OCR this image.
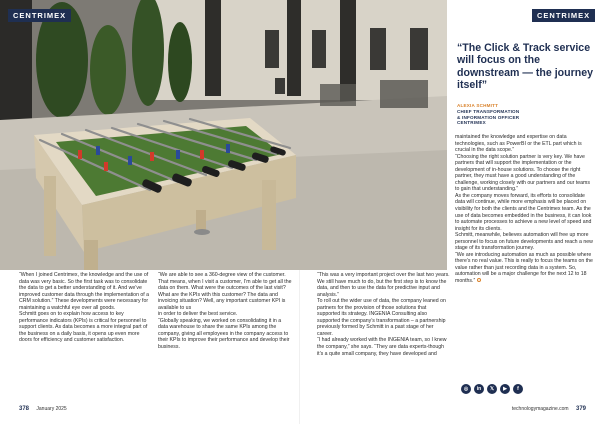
CENTRIMEX	CENTRIMEX
“The Click & Track service will focus on the downstream — the journey itself”
ALEXIA SCHMITT
CHIEF TRANSFORMATION
& INFORMATION OFFICER
CENTRIMEX

“When I joined Centrimex, the knowledge and the use of data was very basic. So the first task was to consolidate the data to get a better understanding of it. And we’ve improved customer data through the implementation of a CRM solution.” These developments were necessary for maintaining a watchful eye over all goods.

Schmitt goes on to explain how access to key performance indicators (KPIs) is critical for personnel to support clients. As data becomes a more integral part of the business on a daily basis, it opens up even more doors for efficiency and customer satisfaction.

“We are able to see a 360-degree view of the customer. That means, when I visit a customer, I’m able to get all the data on them. What were the outcomes of the last visit? What are the KPIs with this customer? The data and invoicing situation? Well, any important customer KPI is available to us

in order to deliver the best service.

“Globally speaking, we worked on consolidating it in a data warehouse to share the same KPIs among the company, giving all employees in the company access to their KPIs to improve their performance and develop their business.

“This was a very important project over the last two years. We still have much to do, but the first step is to know the data, and then to use the data for predictive input and analysis.”

To roll out the wider use of data, the company leaned on partners for the provision of those solutions that supported its strategy. INGENIA Consulting also supported the company’s transformation – a partnership previously formed by Schmitt in a past stage of her career.

“I had already worked with the INGENIA team, so I knew the company,” she says. “They are data experts-though it’s a quite small company, they have developed and

maintained the knowledge and expertise on data technologies, such as PowerBI or the ETL part which is crucial in the data scope.”

“Choosing the right solution partner is very key. We have partners that will support the implementation or the development of in-house solutions. To choose the right partner, they must have a good understanding of the challenge, working closely with our partners and our teams to gain that understanding.”

As the company moves forward, its efforts to consolidate data will continue, while more emphasis will be placed on visibility for both the clients and the Centrimex team. As the use of data becomes embedded in the business, it can look to automate processes to achieve a new level of speed and insight for its clients.

Schmitt, meanwhile, believes automation will free up more personnel to focus on future developments and reach a new stage of its transformation journey.

“We are introducing automation as much as possible where there’s no real value. This is really to focus the teams on the value rather than just recording data in a system. So, automation will be a major challenge for the next 12 to 18 months.”

◎	in	𝕏	▶	f
378 January 2025	technologymagazine.com 379
